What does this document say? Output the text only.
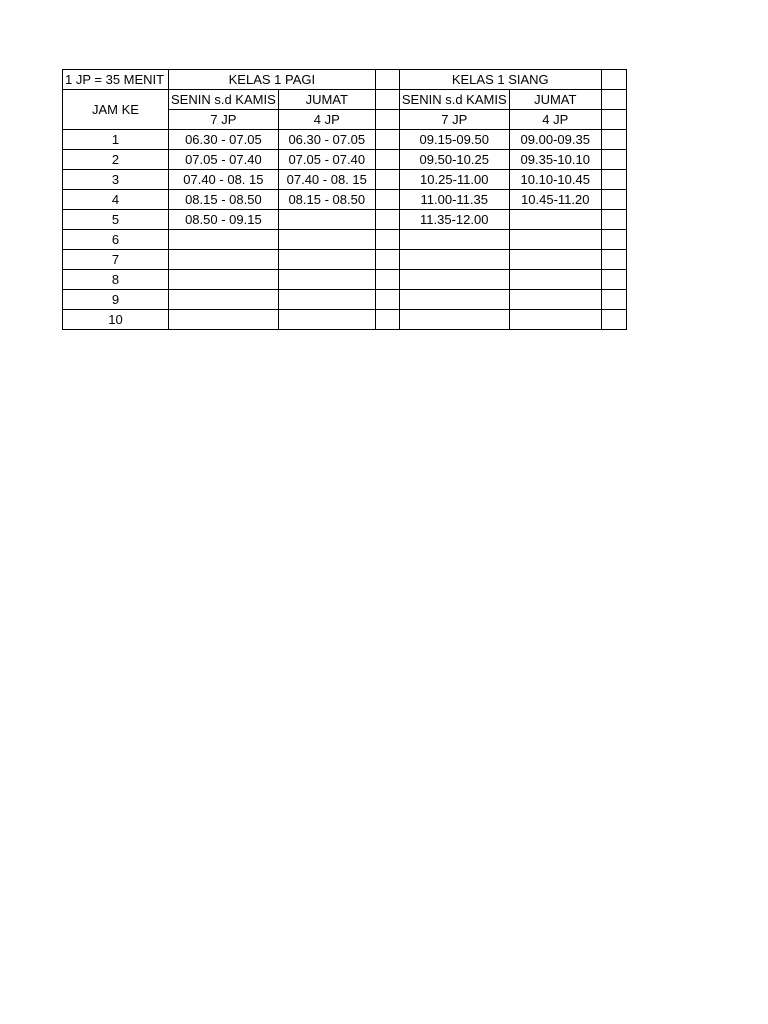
1 JP = 35 MENIT	KELAS 1 PAGI			KELAS 1 SIANG		
JAM KE	SENIN s.d KAMIS	JUMAT		SENIN s.d KAMIS	JUMAT	
	7 JP	4 JP		7 JP	4 JP	
1	06.30 - 07.05	06.30 - 07.05		09.15-09.50	09.00-09.35	
2	07.05 - 07.40	07.05 - 07.40		09.50-10.25	09.35-10.10	
3	07.40 - 08. 15	07.40 - 08. 15		10.25-11.00	10.10-10.45	
4	08.15 - 08.50	08.15 - 08.50		11.00-11.35	10.45-11.20	
5	08.50 - 09.15			11.35-12.00		
6						
7						
8						
9						
10						
